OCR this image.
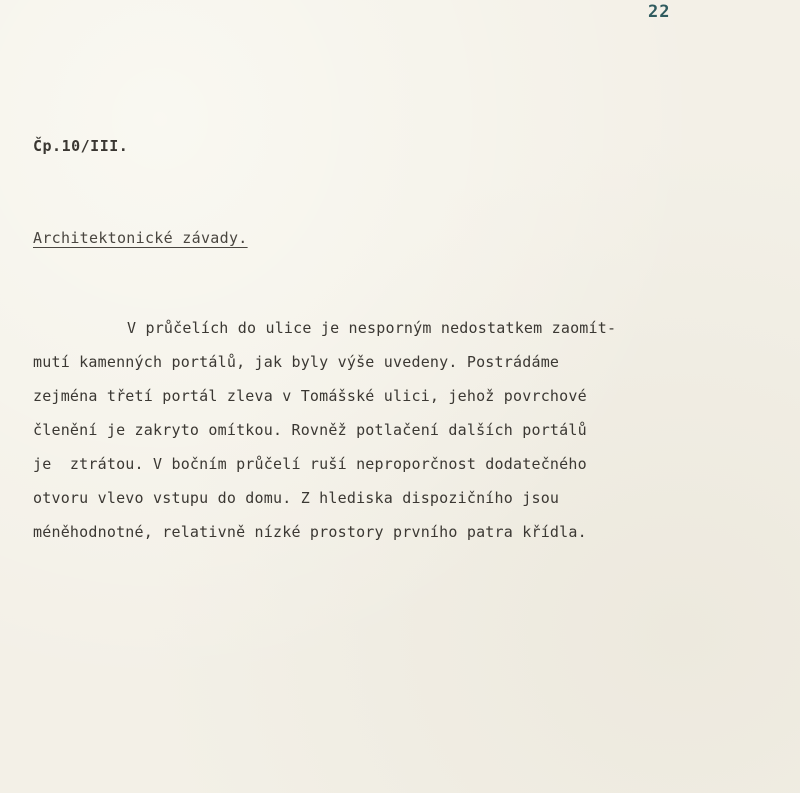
22
Čp.10/III.
Architektonické závady.
V průčelích do ulice je nesporným nedostatkem zaomít-
mutí kamenných portálů, jak byly výše uvedeny. Postrádáme
zejména třetí portál zleva v Tomášské ulici, jehož povrchové
členění je zakryto omítkou. Rovněž potlačení dalších portálů
je  ztrátou. V bočním průčelí ruší neproporčnost dodatečného
otvoru vlevo vstupu do domu. Z hlediska dispozičního jsou
méněhodnotné, relativně nízké prostory prvního patra křídla.
